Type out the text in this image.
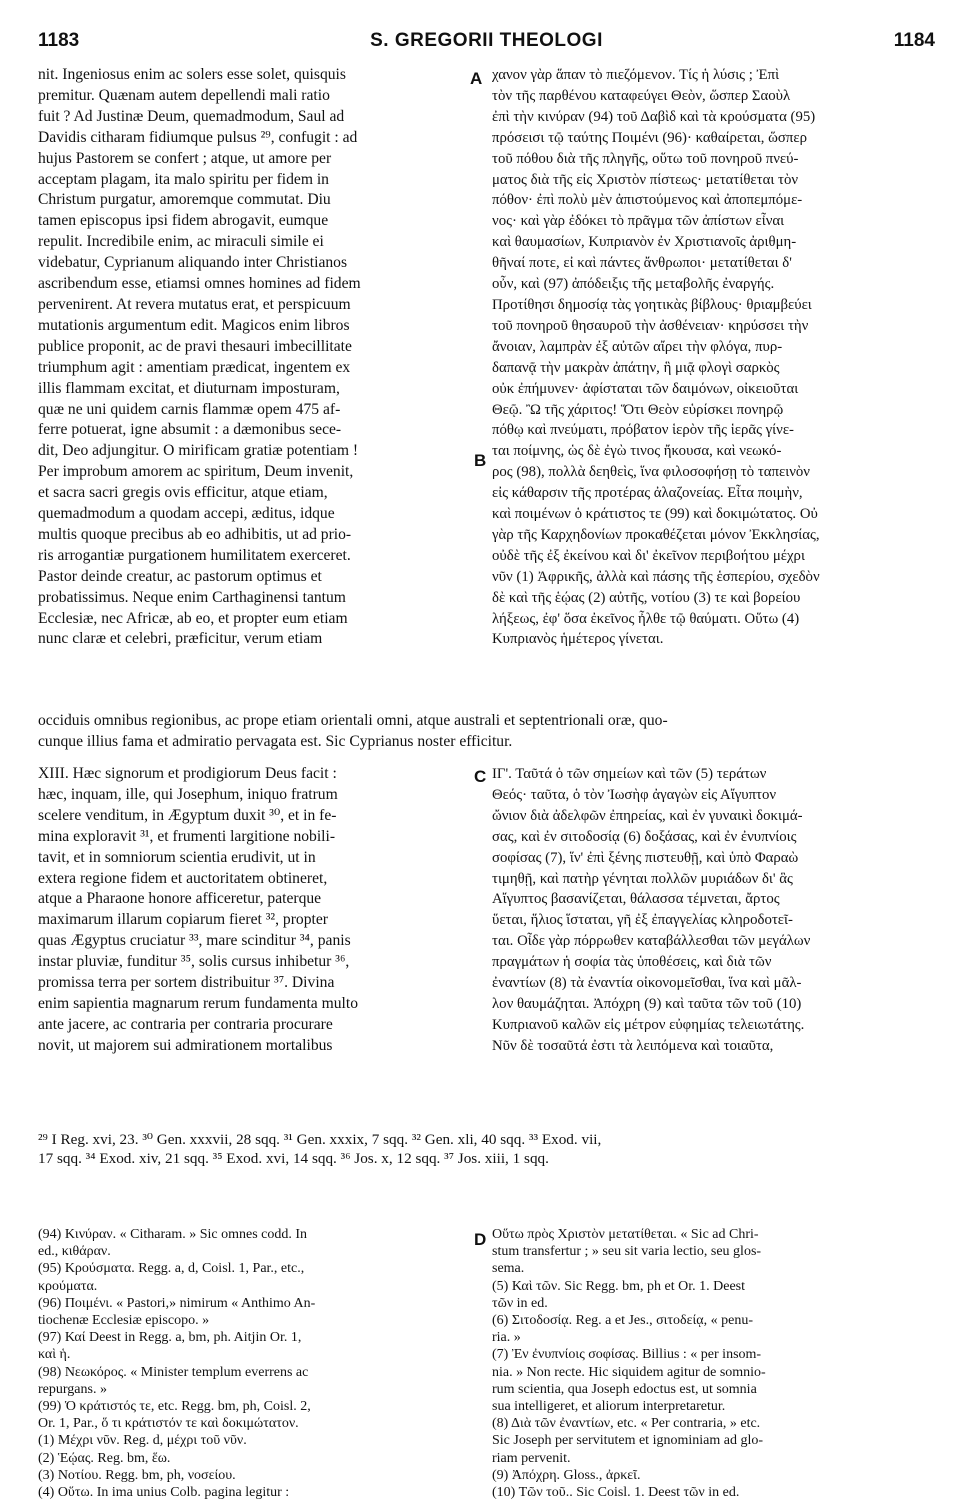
1183	S. GREGORII THEOLOGI	1184
A
B
C
D
nit. Ingeniosus enim ac solers esse solet, quisquis
premitur. Quænam autem depellendi mali ratio
fuit ? Ad Justinæ Deum, quemadmodum, Saul ad
Davidis citharam fidiumque pulsus ²⁹, confugit : ad
hujus Pastorem se confert ; atque, ut amore per
acceptam plagam, ita malo spiritu per fidem in
Christum purgatur, amoremque commutat. Diu
tamen episcopus ipsi fidem abrogavit, eumque
repulit. Incredibile enim, ac miraculi simile ei
videbatur, Cyprianum aliquando inter Christianos
ascribendum esse, etiamsi omnes homines ad fidem
pervenirent. At revera mutatus erat, et perspicuum
mutationis argumentum edit. Magicos enim libros
publice proponit, ac de pravi thesauri imbecillitate
triumphum agit : amentiam prædicat, ingentem ex
illis flammam excitat, et diuturnam imposturam,
quæ ne uni quidem carnis flammæ opem 475 af-
ferre potuerat, igne absumit : a dæmonibus sece-
dit, Deo adjungitur. O mirificam gratiæ potentiam !
Per improbum amorem ac spiritum, Deum invenit,
et sacra sacri gregis ovis efficitur, atque etiam,
quemadmodum a quodam accepi, æditus, idque
multis quoque precibus ab eo adhibitis, ut ad prio-
ris arrogantiæ purgationem humilitatem exerceret.
Pastor deinde creatur, ac pastorum optimus et
probatissimus. Neque enim Carthaginensi tantum
Ecclesiæ, nec Africæ, ab eo, et propter eum etiam
nunc claræ et celebri, præficitur, verum etiam
χανον γὰρ ἅπαν τὸ πιεζόμενον. Τίς ἡ λύσις ; Ἐπὶ
τὸν τῆς παρθένου καταφεύγει Θεὸν, ὥσπερ Σαοὺλ
ἐπὶ τὴν κινύραν (94) τοῦ Δαβὶδ καὶ τὰ κρούσματα (95)
πρόσεισι τῷ ταύτης Ποιμένι (96)· καθαίρεται, ὥσπερ
τοῦ πόθου διὰ τῆς πληγῆς, οὕτω τοῦ πονηροῦ πνεύ-
ματος διὰ τῆς εἰς Χριστὸν πίστεως· μετατίθεται τὸν
πόθον· ἐπὶ πολὺ μὲν ἀπιστούμενος καὶ ἀποπεμπόμε-
νος· καὶ γὰρ ἐδόκει τὸ πρᾶγμα τῶν ἀπίστων εἶναι
καὶ θαυμασίων, Κυπριανὸν ἐν Χριστιανοῖς ἀριθμη-
θῆναί ποτε, εἰ καὶ πάντες ἄνθρωποι· μετατίθεται δ'
οὖν, καὶ (97) ἀπόδειξις τῆς μεταβολῆς ἐναργής.
Προτίθησι δημοσίᾳ τὰς γοητικὰς βίβλους· θριαμβεύει
τοῦ πονηροῦ θησαυροῦ τὴν ἀσθένειαν· κηρύσσει τὴν
ἄνοιαν, λαμπρὰν ἐξ αὐτῶν αἴρει τὴν φλόγα, πυρ-
δαπανᾷ τὴν μακρὰν ἀπάτην, ἣ μιᾷ φλογὶ σαρκὸς
οὐκ ἐπήμυνεν· ἀφίσταται τῶν δαιμόνων, οἰκειοῦται
Θεῷ. Ὢ τῆς χάριτος! Ὅτι Θεὸν εὑρίσκει πονηρῷ
πόθῳ καὶ πνεύματι, πρόβατον ἱερὸν τῆς ἱερᾶς γίνε-
ται ποίμνης, ὡς δὲ ἐγὼ τινος ἤκουσα, καὶ νεωκό-
ρος (98), πολλὰ δεηθεὶς, ἵνα φιλοσοφήσῃ τὸ ταπεινὸν
εἰς κάθαρσιν τῆς προτέρας ἀλαζονείας. Εἶτα ποιμὴν,
καὶ ποιμένων ὁ κράτιστος τε (99) καὶ δοκιμώτατος. Οὐ
γὰρ τῆς Καρχηδονίων προκαθέζεται μόνον Ἐκκλησίας,
οὐδὲ τῆς ἐξ ἐκείνου καὶ δι' ἐκεῖνον περιβοήτου μέχρι
νῦν (1) Ἀφρικῆς, ἀλλὰ καὶ πάσης τῆς ἑσπερίου, σχεδὸν
δὲ καὶ τῆς ἑῴας (2) αὐτῆς, νοτίου (3) τε καὶ βορείου
λήξεως, ἐφ' ὅσα ἐκεῖνος ἦλθε τῷ θαύματι. Οὕτω (4)
Κυπριανὸς ἡμέτερος γίνεται.
occiduis omnibus regionibus, ac prope etiam orientali omni, atque australi et septentrionali oræ, quo-
cunque illius fama et admiratio pervagata est. Sic Cyprianus noster efficitur.
XIII. Hæc signorum et prodigiorum Deus facit :
hæc, inquam, ille, qui Josephum, iniquo fratrum
scelere venditum, in Ægyptum duxit ³⁰, et in fe-
mina exploravit ³¹, et frumenti largitione nobili-
tavit, et in somniorum scientia erudivit, ut in
extera regione fidem et auctoritatem obtineret,
atque a Pharaone honore afficeretur, paterque
maximarum illarum copiarum fieret ³², propter
quas Ægyptus cruciatur ³³, mare scinditur ³⁴, panis
instar pluviæ, funditur ³⁵, solis cursus inhibetur ³⁶,
promissa terra per sortem distribuitur ³⁷. Divina
enim sapientia magnarum rerum fundamenta multo
ante jacere, ac contraria per contraria procurare
novit, ut majorem sui admirationem mortalibus
ΙΓ'. Ταῦτά ὁ τῶν σημείων καὶ τῶν (5) τεράτων
Θεός· ταῦτα, ὁ τὸν Ἰωσὴφ ἀγαγὼν εἰς Αἴγυπτον
ὤνιον διὰ ἀδελφῶν ἐπηρείας, καὶ ἐν γυναικὶ δοκιμά-
σας, καὶ ἐν σιτοδοσίᾳ (6) δοξάσας, καὶ ἐν ἐνυπνίοις
σοφίσας (7), ἵν' ἐπὶ ξένης πιστευθῇ, καὶ ὑπὸ Φαραὼ
τιμηθῇ, καὶ πατὴρ γένηται πολλῶν μυριάδων δι' ἃς
Αἴγυπτος βασανίζεται, θάλασσα τέμνεται, ἄρτος
ὕεται, ἥλιος ἵσταται, γῆ ἐξ ἐπαγγελίας κληροδοτεῖ-
ται. Οἶδε γὰρ πόρρωθεν καταβάλλεσθαι τῶν μεγάλων
πραγμάτων ἡ σοφία τὰς ὑποθέσεις, καὶ διὰ τῶν
ἐναντίων (8) τὰ ἐναντία οἰκονομεῖσθαι, ἵνα καὶ μᾶλ-
λον θαυμάζηται. Ἀπόχρη (9) καὶ ταῦτα τῶν τοῦ (10)
Κυπριανοῦ καλῶν εἰς μέτρον εὐφημίας τελειωτάτης.
Νῦν δὲ τοσαῦτά ἐστι τὰ λειπόμενα καὶ τοιαῦτα,
²⁹ I Reg. xvi, 23. ³⁰ Gen. xxxvii, 28 sqq. ³¹ Gen. xxxix, 7 sqq. ³² Gen. xli, 40 sqq. ³³ Exod. vii,
17 sqq. ³⁴ Exod. xiv, 21 sqq. ³⁵ Exod. xvi, 14 sqq. ³⁶ Jos. x, 12 sqq. ³⁷ Jos. xiii, 1 sqq.
(94) Κινύραν. « Citharam. » Sic omnes codd. In
ed., κιθάραν.
(95) Κρούσματα. Regg. a, d, Coisl. 1, Par., etc.,
κρούματα.
(96) Ποιμένι. « Pastori,» nimirum « Anthimo An-
tiochenæ Ecclesiæ episcopo. »
(97) Καί Deest in Regg. a, bm, ph. Aitjin Or. 1,
καὶ ἡ.
(98) Νεωκόρος. « Minister templum everrens ac
repurgans. »
(99) Ὁ κράτιστός τε, etc. Regg. bm, ph, Coisl. 2,
Or. 1, Par., ὅ τι κράτιστόν τε καὶ δοκιμώτατον.
(1) Μέχρι νῦν. Reg. d, μέχρι τοῦ νῦν.
(2) Ἑῴας. Reg. bm, ἕω.
(3) Νοτίου. Regg. bm, ph, νοσείου.
(4) Οὕτω. In ima unius Colb. pagina legitur :
Οὕτω πρὸς Χριστὸν μετατίθεται. « Sic ad Chri-
stum transfertur ; » seu sit varia lectio, seu glos-
sema.
(5) Καὶ τῶν. Sic Regg. bm, ph et Or. 1. Deest
τῶν in ed.
(6) Σιτοδοσίᾳ. Reg. a et Jes., σιτοδείᾳ, « penu-
ria. »
(7) Ἐν ἐνυπνίοις σοφίσας. Billius : « per insom-
nia. » Non recte. Hic siquidem agitur de somnio-
rum scientia, qua Joseph edoctus est, ut somnia
sua intelligeret, et aliorum interpretaretur.
(8) Διὰ τῶν ἐναντίων, etc. « Per contraria, » etc.
Sic Joseph per servitutem et ignominiam ad glo-
riam pervenit.
(9) Ἀπόχρη. Gloss., ἀρκεῖ.
(10) Τῶν τοῦ.. Sic Coisl. 1. Deest τῶν in ed.
